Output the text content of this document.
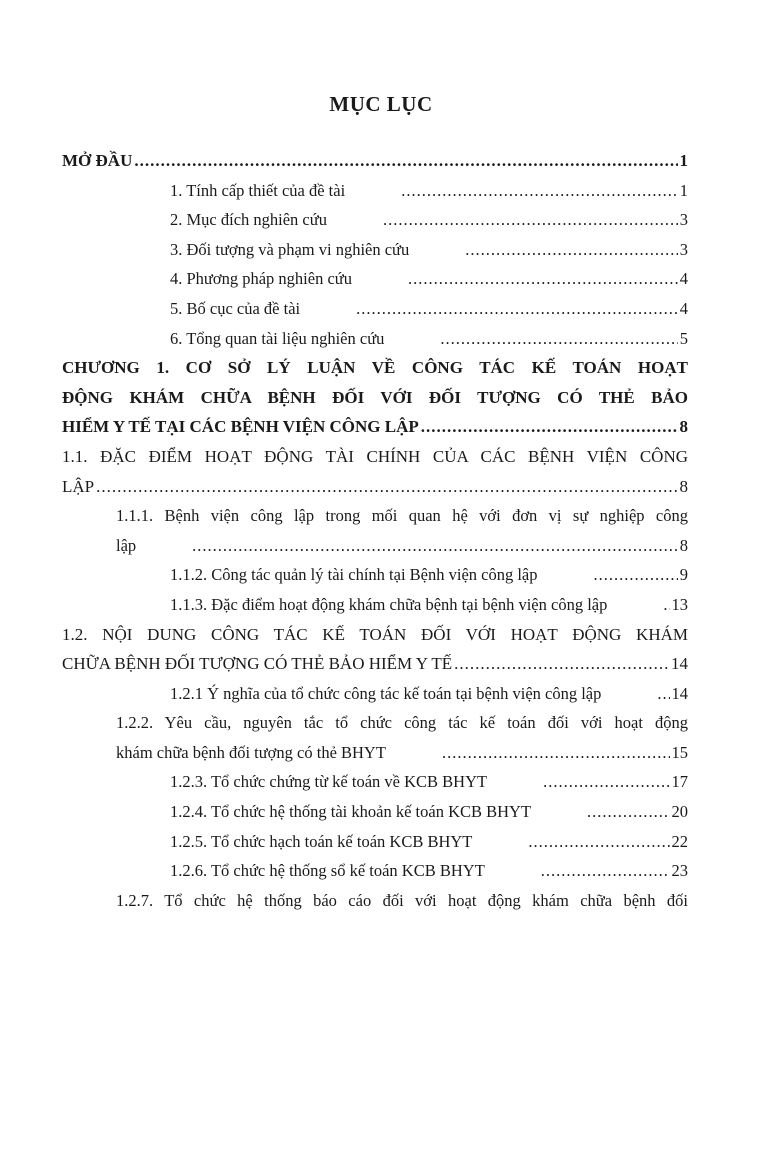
MỤC LỤC
MỞ ĐẦU .....	1
1. Tính cấp thiết của đề tài .....	1
2. Mục đích nghiên cứu .....	3
3. Đối tượng và phạm vi nghiên cứu .....	3
4. Phương pháp nghiên cứu .....	4
5. Bố cục của đề tài .....	4
6. Tổng quan tài liệu nghiên cứu .....	5
CHƯƠNG 1. CƠ SỞ LÝ LUẬN VỀ CÔNG TÁC KẾ TOÁN HOẠT
ĐỘNG KHÁM CHỮA BỆNH ĐỐI VỚI ĐỐI TƯỢNG CÓ THẺ BẢO
HIỂM Y TẾ TẠI CÁC BỆNH VIỆN CÔNG LẬP .....	8
1.1. ĐẶC ĐIỂM HOẠT ĐỘNG TÀI CHÍNH CỦA CÁC BỆNH VIỆN CÔNG
LẬP .....	8
1.1.1. Bệnh viện công lập trong mối quan hệ với đơn vị sự nghiệp công
lập .....	8
1.1.2. Công tác quản lý tài chính tại Bệnh viện công lập .....	9
1.1.3. Đặc điểm hoạt động khám chữa bệnh tại bệnh viện công lập .....	13
1.2. NỘI DUNG CÔNG TÁC KẾ TOÁN ĐỐI VỚI HOẠT ĐỘNG KHÁM
CHỮA BỆNH ĐỐI TƯỢNG CÓ THẺ BẢO HIỂM Y TẾ .....	14
1.2.1 Ý nghĩa của tổ chức công tác kế toán tại bệnh viện công lập .....	14
1.2.2. Yêu cầu, nguyên tắc tổ chức công tác kế toán đối với hoạt động
khám chữa bệnh đối tượng có thẻ BHYT .....	15
1.2.3. Tổ chức chứng từ kế toán về KCB BHYT .....	17
1.2.4. Tổ chức hệ thống tài khoản kế toán KCB BHYT .....	20
1.2.5. Tổ chức hạch toán kế toán KCB BHYT .....	22
1.2.6. Tổ chức hệ thống sổ kế toán KCB BHYT .....	23
1.2.7. Tổ chức hệ thống báo cáo đối với hoạt động khám chữa bệnh đối
